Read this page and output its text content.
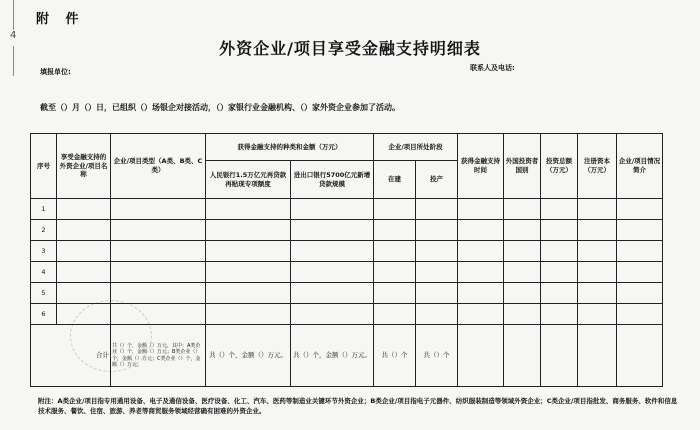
4
附 件
外资企业/项目享受金融支持明细表
填报单位:	联系人及电话:
截至（）月（）日，已组织（）场银企对接活动，（）家银行业金融机构、（）家外资企业参加了活动。
序号	享受金融支持的外资企业/项目名称	企业/项目类型（A类、B类、C类）	获得金融支持的种类和金额（万元）		企业/项目所处阶段		获得金融支持时间	外国投资者国别	投资总额（万元）	注册资本（万元）	企业/项目情况简介
			人民银行1.5万亿元再贷款再贴现专项额度	进出口银行5700亿元新增贷款规模	在建	投产					
1											
2											
3											
4											
5											
6											
合计		共（）个，金额（）万元，其中：A类企业（）个，金额（）万元；B类企业（）个，金额（）万元；C类企业（）个，金额（）万元。	共（）个，金额（）万元。	共（）个，金额（）万元。	共（）个	共（）个					
附注：A类企业/项目指专用通用设备、电子及通信设备、医疗设备、化工、汽车、医药等制造业关键环节外资企业；B类企业/项目指电子元器件、纺织服装制造等领域外资企业；C类企业/项目指批发、商务服务、软件和信息技术服务、餐饮、住宿、旅游、养老等商贸服务领域经营确有困难的外资企业。
